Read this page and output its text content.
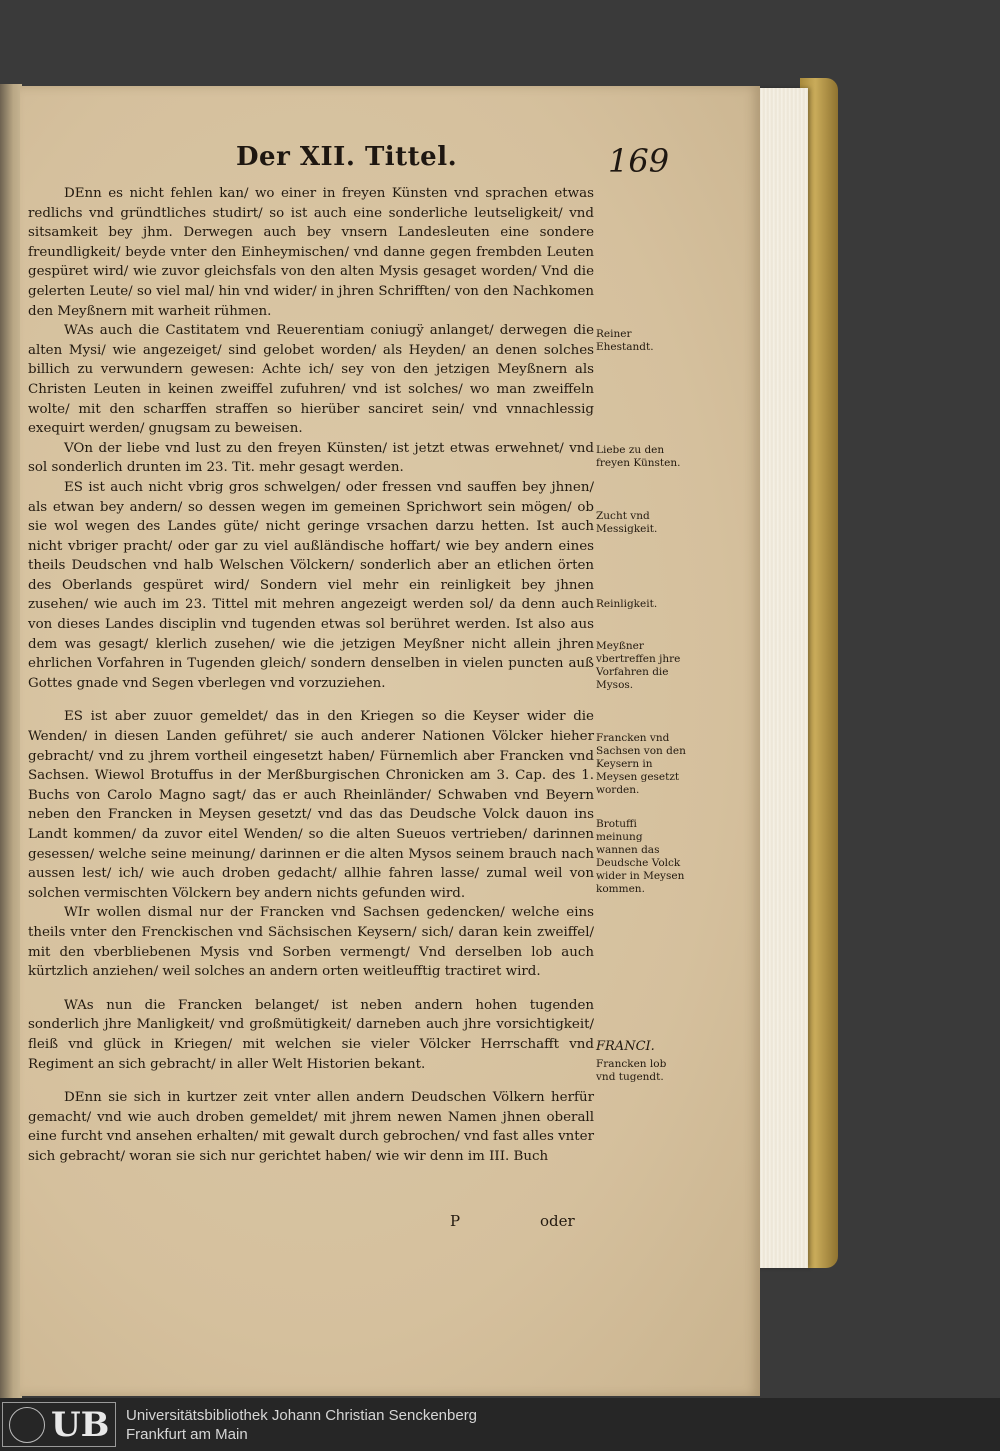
Der XII. Tittel.	169

DEnn es nicht fehlen kan/ wo einer in freyen Künsten vnd sprachen etwas redlichs vnd gründtliches studirt/ so ist auch eine sonderliche leutseligkeit/ vnd sitsamkeit bey jhm. Derwegen auch bey vnsern Landesleuten eine sondere freundligkeit/ beyde vnter den Einheymischen/ vnd danne gegen frembden Leuten gespüret wird/ wie zuvor gleichsfals von den alten Mysis gesaget worden/ Vnd die gelerten Leute/ so viel mal/ hin vnd wider/ in jhren Schrifften/ von den Nachkomen den Meyßnern mit warheit rühmen.

WAs auch die Castitatem vnd Reuerentiam coniugÿ anlanget/ derwegen die alten Mysi/ wie angezeiget/ sind gelobet worden/ als Heyden/ an denen solches billich zu verwundern gewesen: Achte ich/ sey von den jetzigen Meyßnern als Christen Leuten in keinen zweiffel zufuhren/ vnd ist solches/ wo man zweiffeln wolte/ mit den scharffen straffen so hierüber sanciret sein/ vnd vnnachlessig exequirt werden/ gnugsam zu beweisen.

VOn der liebe vnd lust zu den freyen Künsten/ ist jetzt etwas erwehnet/ vnd sol sonderlich drunten im 23. Tit. mehr gesagt werden.

ES ist auch nicht vbrig gros schwelgen/ oder fressen vnd sauffen bey jhnen/ als etwan bey andern/ so dessen wegen im gemeinen Sprichwort sein mögen/ ob sie wol wegen des Landes güte/ nicht geringe vrsachen darzu hetten. Ist auch nicht vbriger pracht/ oder gar zu viel außländische hoffart/ wie bey andern eines theils Deudschen vnd halb Welschen Völckern/ sonderlich aber an etlichen örten des Oberlands gespüret wird/ Sondern viel mehr ein reinligkeit bey jhnen zusehen/ wie auch im 23. Tittel mit mehren angezeigt werden sol/ da denn auch von dieses Landes disciplin vnd tugenden etwas sol berühret werden. Ist also aus dem was gesagt/ klerlich zusehen/ wie die jetzigen Meyßner nicht allein jhren ehrlichen Vorfahren in Tugenden gleich/ sondern denselben in vielen puncten auß Gottes gnade vnd Segen vberlegen vnd vorzuziehen.

ES ist aber zuuor gemeldet/ das in den Kriegen so die Keyser wider die Wenden/ in diesen Landen geführet/ sie auch anderer Nationen Völcker hieher gebracht/ vnd zu jhrem vortheil eingesetzt haben/ Fürnemlich aber Francken vnd Sachsen. Wiewol Brotuffus in der Merßburgischen Chronicken am 3. Cap. des 1. Buchs von Carolo Magno sagt/ das er auch Rheinländer/ Schwaben vnd Beyern neben den Francken in Meysen gesetzt/ vnd das das Deudsche Volck dauon ins Landt kommen/ da zuvor eitel Wenden/ so die alten Sueuos vertrieben/ darinnen gesessen/ welche seine meinung/ darinnen er die alten Mysos seinem brauch nach aussen lest/ ich/ wie auch droben gedacht/ allhie fahren lasse/ zumal weil von solchen vermischten Völckern bey andern nichts gefunden wird.

WIr wollen dismal nur der Francken vnd Sachsen gedencken/ welche eins theils vnter den Frenckischen vnd Sächsischen Keysern/ sich/ daran kein zweiffel/ mit den vberbliebenen Mysis vnd Sorben vermengt/ Vnd derselben lob auch kürtzlich anziehen/ weil solches an andern orten weitleufftig tractiret wird.

WAs nun die Francken belanget/ ist neben andern hohen tugenden sonderlich jhre Manligkeit/ vnd großmütigkeit/ darneben auch jhre vorsichtigkeit/ fleiß vnd glück in Kriegen/ mit welchen sie vieler Völcker Herrschafft vnd Regiment an sich gebracht/ in aller Welt Historien bekant.

DEnn sie sich in kurtzer zeit vnter allen andern Deudschen Völkern herfür gemacht/ vnd wie auch droben gemeldet/ mit jhrem newen Namen jhnen oberall eine furcht vnd ansehen erhalten/ mit gewalt durch gebrochen/ vnd fast alles vnter sich gebracht/ woran sie sich nur gerichtet haben/ wie wir denn im III. Buch

P	oder
Reiner Ehestandt.
Liebe zu den freyen Künsten.
Zucht vnd Messigkeit.
Reinligkeit.
Meyßner vbertreffen jhre Vorfahren die Mysos.
Francken vnd Sachsen von den Keysern in Meysen gesetzt worden.
Brotuffi meinung wannen das Deudsche Volck wider in Meysen kommen.
FRANCI.
Francken lob vnd tugendt.
UB Universitätsbibliothek Johann Christian Senckenberg
Frankfurt am Main
